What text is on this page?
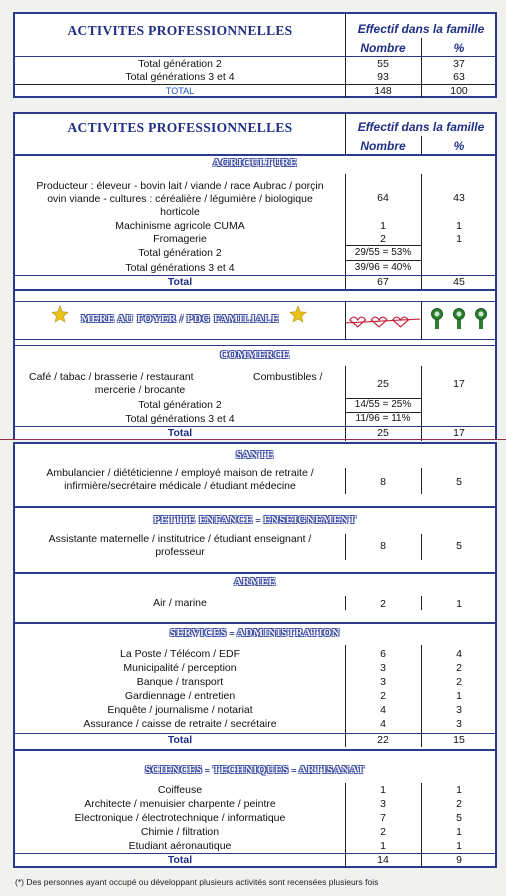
ACTIVITES PROFESSIONNELLES	Effectif dans la famille
Nombre	%
Total génération 2	55	37
Total générations 3 et 4	93	63
TOTAL	148	100
ACTIVITES PROFESSIONNELLES	Effectif dans la famille
Nombre	%
AGRICULTURE
Producteur : éleveur - bovin lait / viande / race Aubrac / porçin
ovin viande - cultures : céréalière / légumière / biologique
horticole
64	43
Machinisme agricole CUMA	1	1
Fromagerie	2	1
Total génération 2	29/55 = 53%
Total générations 3 et 4	39/96 = 40%
Total	67	45
MERE AU FOYER / PDG FAMILIALE
COMMERCE
Café / tabac / brasserie / restaurant	Combustibles /
mercerie / brocante	25	17
Total génération 2	14/55 = 25%
Total générations 3 et 4	11/96 = 11%
Total	25	17
SANTE
Ambulancier / diététicienne / employé maison de retraite /
infirmière/secrétaire médicale / étudiant médecine	8	5
PETITE ENFANCE - ENSEIGNEMENT
Assistante maternelle / institutrice / étudiant enseignant /
professeur	8	5
ARMEE
Air / marine	2	1
SERVICES - ADMINISTRATION
La Poste / Télécom / EDF	6	4
Municipalité / perception	3	2
Banque / transport	3	2
Gardiennage / entretien	2	1
Enquête / journalisme / notariat	4	3
Assurance / caisse de retraite / secrétaire	4	3
Total	22	15
SCIENCES - TECHNIQUES - ARTISANAT
Coiffeuse	1	1
Architecte / menuisier charpente / peintre	3	2
Electronique / électrotechnique / informatique	7	5
Chimie / filtration	2	1
Etudiant aéronautique	1	1
Total	14	9
(*) Des personnes ayant occupé ou développant plusieurs activités sont recensées plusieurs fois
